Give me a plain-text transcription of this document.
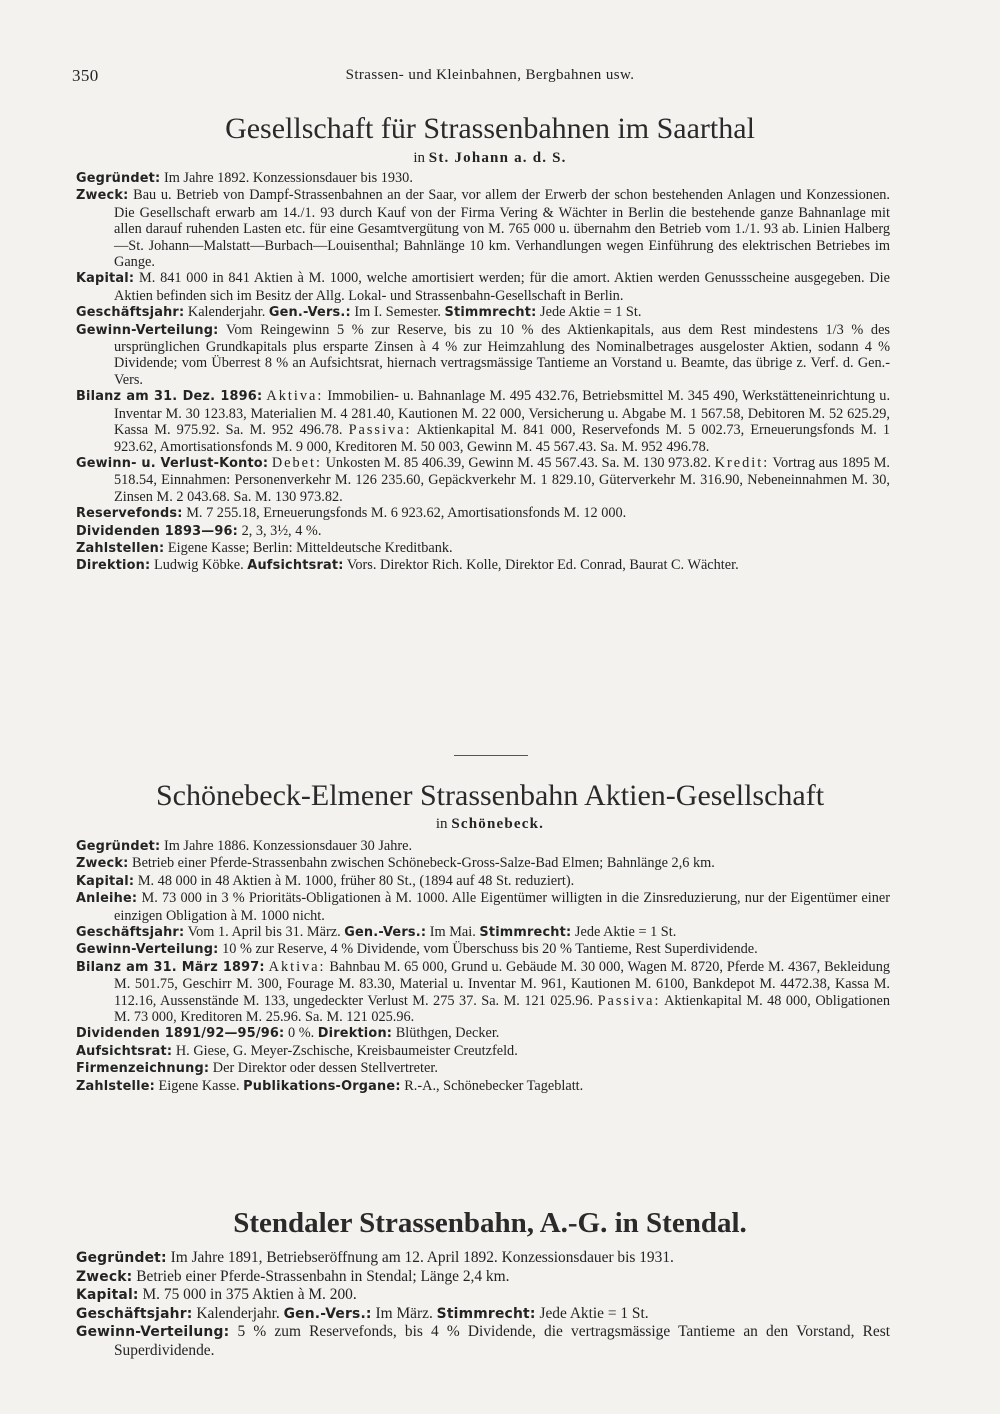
350	Strassen- und Kleinbahnen, Bergbahnen usw.
Gesellschaft für Strassenbahnen im Saarthal
in St. Johann a. d. S.

Gegründet: Im Jahre 1892. Konzessionsdauer bis 1930.

Zweck: Bau u. Betrieb von Dampf-Strassenbahnen an der Saar, vor allem der Erwerb der schon bestehenden Anlagen und Konzessionen. Die Gesellschaft erwarb am 14./1. 93 durch Kauf von der Firma Vering & Wächter in Berlin die bestehende ganze Bahnanlage mit allen darauf ruhenden Lasten etc. für eine Gesamtvergütung von M. 765 000 u. übernahm den Betrieb vom 1./1. 93 ab. Linien Halberg—St. Johann—Malstatt—Burbach—Louisenthal; Bahnlänge 10 km. Verhandlungen wegen Einführung des elektrischen Betriebes im Gange.

Kapital: M. 841 000 in 841 Aktien à M. 1000, welche amortisiert werden; für die amort. Aktien werden Genussscheine ausgegeben. Die Aktien befinden sich im Besitz der Allg. Lokal- und Strassenbahn-Gesellschaft in Berlin.

Geschäftsjahr: Kalenderjahr. Gen.-Vers.: Im I. Semester. Stimmrecht: Jede Aktie = 1 St.

Gewinn-Verteilung: Vom Reingewinn 5 % zur Reserve, bis zu 10 % des Aktienkapitals, aus dem Rest mindestens 1/3 % des ursprünglichen Grundkapitals plus ersparte Zinsen à 4 % zur Heimzahlung des Nominalbetrages ausgeloster Aktien, sodann 4 % Dividende; vom Überrest 8 % an Aufsichtsrat, hiernach vertragsmässige Tantieme an Vorstand u. Beamte, das übrige z. Verf. d. Gen.-Vers.

Bilanz am 31. Dez. 1896: Aktiva: Immobilien- u. Bahnanlage M. 495 432.76, Betriebsmittel M. 345 490, Werkstätteneinrichtung u. Inventar M. 30 123.83, Materialien M. 4 281.40, Kautionen M. 22 000, Versicherung u. Abgabe M. 1 567.58, Debitoren M. 52 625.29, Kassa M. 975.92. Sa. M. 952 496.78. Passiva: Aktienkapital M. 841 000, Reservefonds M. 5 002.73, Erneuerungsfonds M. 1 923.62, Amortisationsfonds M. 9 000, Kreditoren M. 50 003, Gewinn M. 45 567.43. Sa. M. 952 496.78.

Gewinn- u. Verlust-Konto: Debet: Unkosten M. 85 406.39, Gewinn M. 45 567.43. Sa. M. 130 973.82. Kredit: Vortrag aus 1895 M. 518.54, Einnahmen: Personenverkehr M. 126 235.60, Gepäckverkehr M. 1 829.10, Güterverkehr M. 316.90, Nebeneinnahmen M. 30, Zinsen M. 2 043.68. Sa. M. 130 973.82.

Reservefonds: M. 7 255.18, Erneuerungsfonds M. 6 923.62, Amortisationsfonds M. 12 000.

Dividenden 1893—96: 2, 3, 3½, 4 %.

Zahlstellen: Eigene Kasse; Berlin: Mitteldeutsche Kreditbank.

Direktion: Ludwig Köbke. Aufsichtsrat: Vors. Direktor Rich. Kolle, Direktor Ed. Conrad, Baurat C. Wächter.

Schönebeck-Elmener Strassenbahn Aktien-Gesellschaft
in Schönebeck.

Gegründet: Im Jahre 1886. Konzessionsdauer 30 Jahre.

Zweck: Betrieb einer Pferde-Strassenbahn zwischen Schönebeck-Gross-Salze-Bad Elmen; Bahnlänge 2,6 km.

Kapital: M. 48 000 in 48 Aktien à M. 1000, früher 80 St., (1894 auf 48 St. reduziert).

Anleihe: M. 73 000 in 3 % Prioritäts-Obligationen à M. 1000. Alle Eigentümer willigten in die Zinsreduzierung, nur der Eigentümer einer einzigen Obligation à M. 1000 nicht.

Geschäftsjahr: Vom 1. April bis 31. März. Gen.-Vers.: Im Mai. Stimmrecht: Jede Aktie = 1 St.

Gewinn-Verteilung: 10 % zur Reserve, 4 % Dividende, vom Überschuss bis 20 % Tantieme, Rest Superdividende.

Bilanz am 31. März 1897: Aktiva: Bahnbau M. 65 000, Grund u. Gebäude M. 30 000, Wagen M. 8720, Pferde M. 4367, Bekleidung M. 501.75, Geschirr M. 300, Fourage M. 83.30, Material u. Inventar M. 961, Kautionen M. 6100, Bankdepot M. 4472.38, Kassa M. 112.16, Aussenstände M. 133, ungedeckter Verlust M. 275 37. Sa. M. 121 025.96. Passiva: Aktienkapital M. 48 000, Obligationen M. 73 000, Kreditoren M. 25.96. Sa. M. 121 025.96.

Dividenden 1891/92—95/96: 0 %. Direktion: Blüthgen, Decker.

Aufsichtsrat: H. Giese, G. Meyer-Zschische, Kreisbaumeister Creutzfeld.

Firmenzeichnung: Der Direktor oder dessen Stellvertreter.

Zahlstelle: Eigene Kasse. Publikations-Organe: R.-A., Schönebecker Tageblatt.

Stendaler Strassenbahn, A.-G. in Stendal.

Gegründet: Im Jahre 1891, Betriebseröffnung am 12. April 1892. Konzessionsdauer bis 1931.

Zweck: Betrieb einer Pferde-Strassenbahn in Stendal; Länge 2,4 km.

Kapital: M. 75 000 in 375 Aktien à M. 200.

Geschäftsjahr: Kalenderjahr. Gen.-Vers.: Im März. Stimmrecht: Jede Aktie = 1 St.

Gewinn-Verteilung: 5 % zum Reservefonds, bis 4 % Dividende, die vertragsmässige Tantieme an den Vorstand, Rest Superdividende.
